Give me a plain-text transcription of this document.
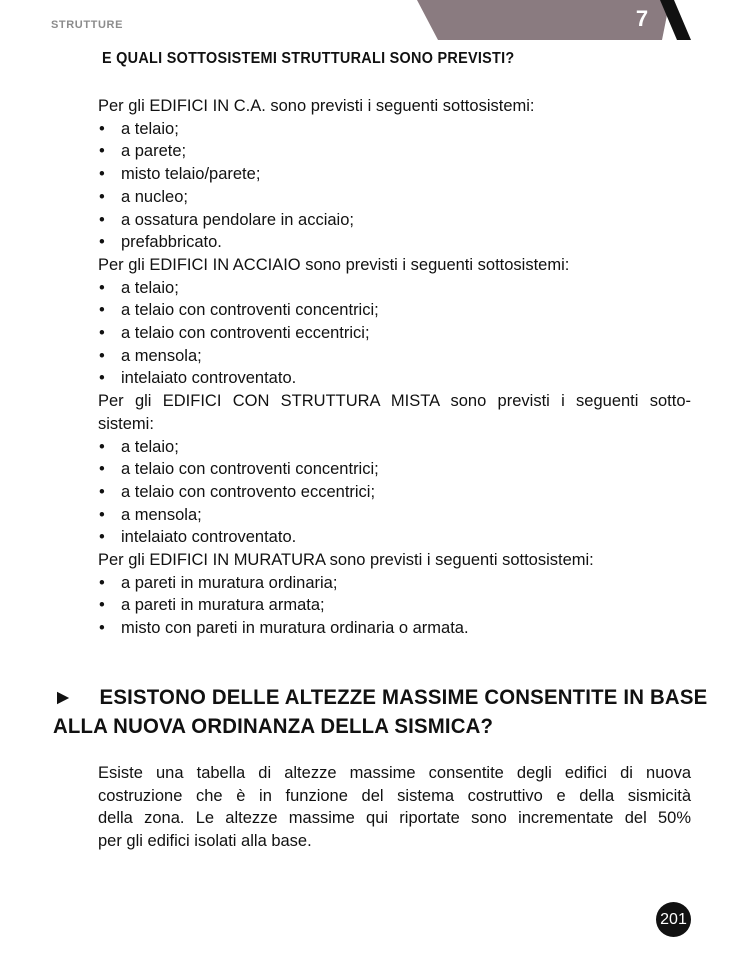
STRUTTURE	7
E QUALI SOTTOSISTEMI STRUTTURALI SONO PREVISTI?
Per gli EDIFICI IN C.A. sono previsti i seguenti sottosistemi:
• a telaio;
• a parete;
• misto telaio/parete;
• a nucleo;
• a ossatura pendolare in acciaio;
• prefabbricato.
Per gli EDIFICI IN ACCIAIO sono previsti i seguenti sottosistemi:
• a telaio;
• a telaio con controventi concentrici;
• a telaio con controventi eccentrici;
• a mensola;
• intelaiato controventato.
Per gli EDIFICI CON STRUTTURA MISTA sono previsti i seguenti sotto-
sistemi:
• a telaio;
• a telaio con controventi concentrici;
• a telaio con controvento eccentrici;
• a mensola;
• intelaiato controventato.
Per gli EDIFICI IN MURATURA sono previsti i seguenti sottosistemi:
• a pareti in muratura ordinaria;
• a pareti in muratura armata;
• misto con pareti in muratura ordinaria o armata.
► ESISTONO DELLE ALTEZZE MASSIME CONSENTITE IN BASE
ALLA NUOVA ORDINANZA DELLA SISMICA?
Esiste una tabella di altezze massime consentite degli edifici di nuova
costruzione che è in funzione del sistema costruttivo e della sismicità
della zona. Le altezze massime qui riportate sono incrementate del 50%
per gli edifici isolati alla base.
201
